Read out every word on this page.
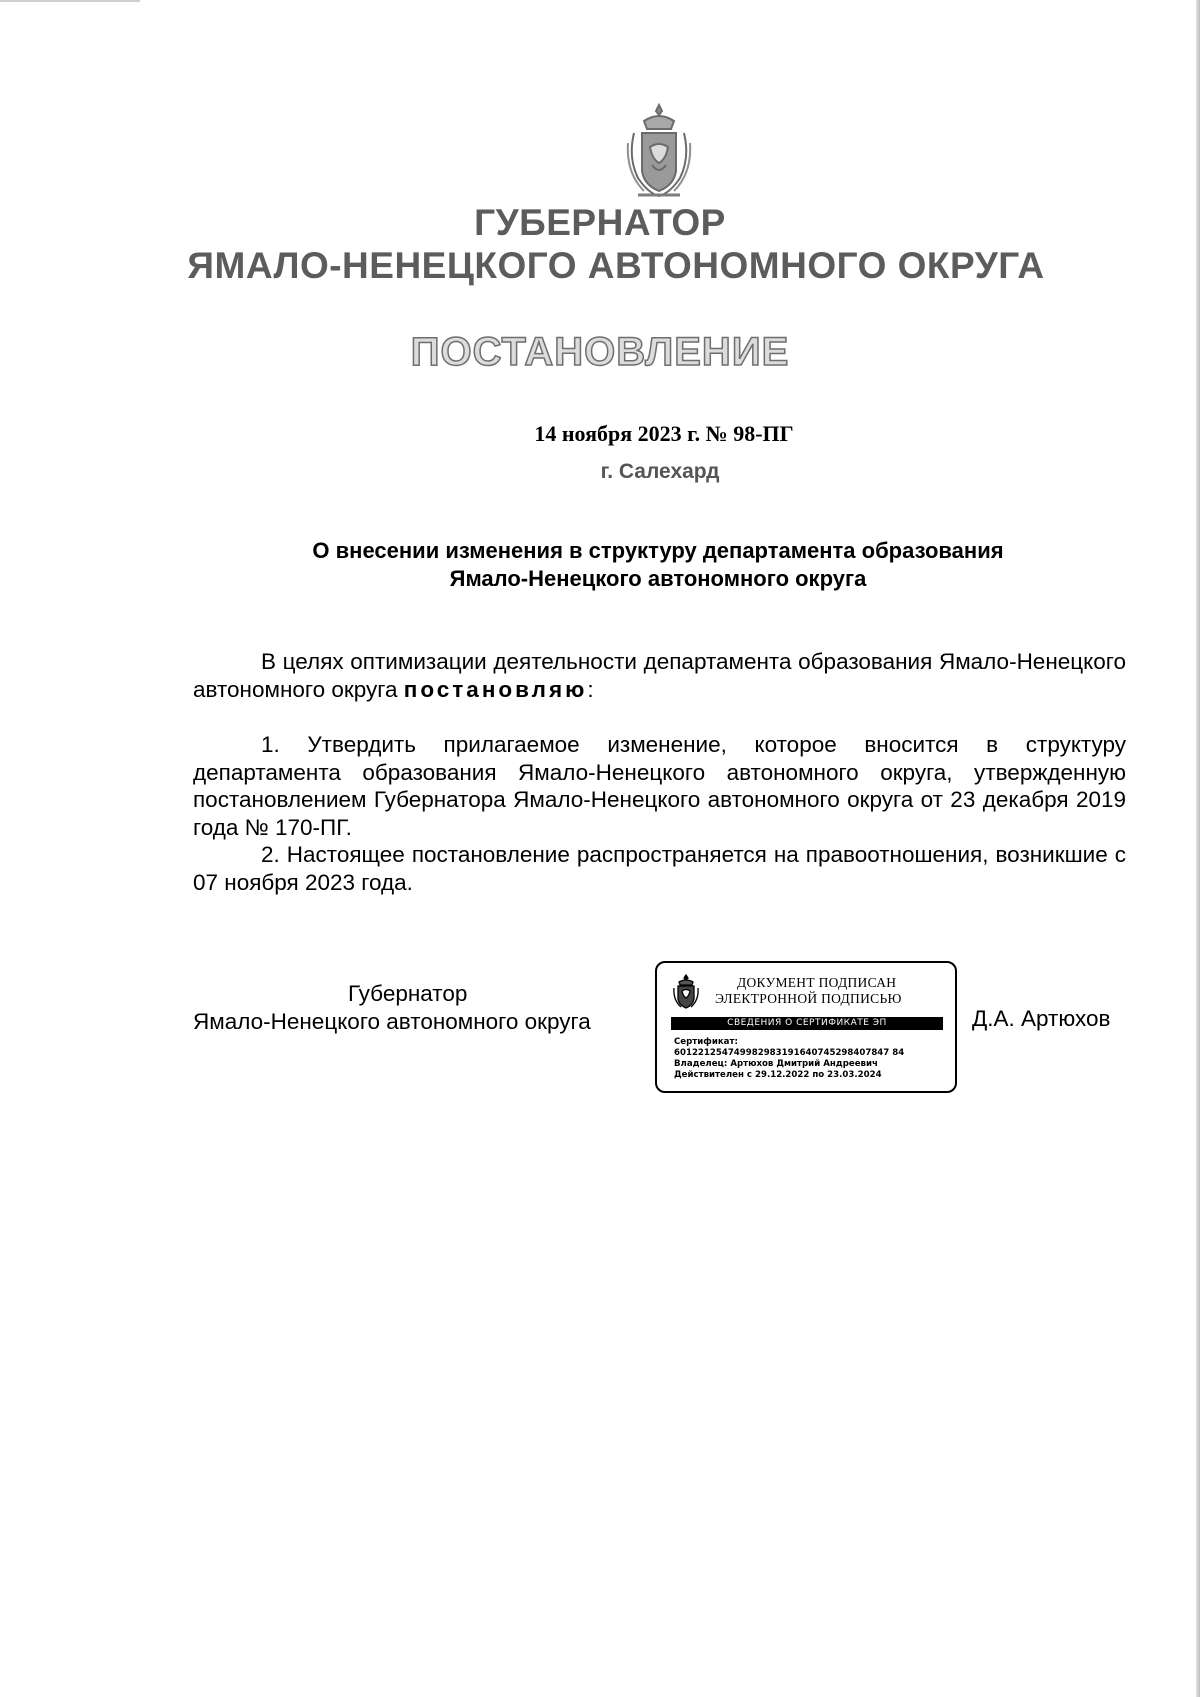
ГУБЕРНАТОР
ЯМАЛО-НЕНЕЦКОГО АВТОНОМНОГО ОКРУГА
ПОСТАНОВЛЕНИЕ
14 ноября 2023 г. № 98-ПГ
г. Салехард
О внесении изменения в структуру департамента образования
Ямало-Ненецкого автономного округа

В целях оптимизации деятельности департамента образования Ямало-Ненецкого автономного округа постановляю:

1. Утвердить прилагаемое изменение, которое вносится в структуру департамента образования Ямало-Ненецкого автономного округа, утвержденную постановлением Губернатора Ямало-Ненецкого автономного округа от 23 декабря 2019 года № 170-ПГ.

2. Настоящее постановление распространяется на правоотношения, возникшие с 07 ноября 2023 года.

Губернатор
Ямало-Ненецкого автономного округа
ДОКУМЕНТ ПОДПИСАН
ЭЛЕКТРОННОЙ ПОДПИСЬЮ
СВЕДЕНИЯ О СЕРТИФИКАТЕ ЭП
Сертификат:
601221254749982983191640745298407847 84
Владелец: Артюхов Дмитрий Андреевич
Действителен с 29.12.2022 по 23.03.2024
Д.А. Артюхов
